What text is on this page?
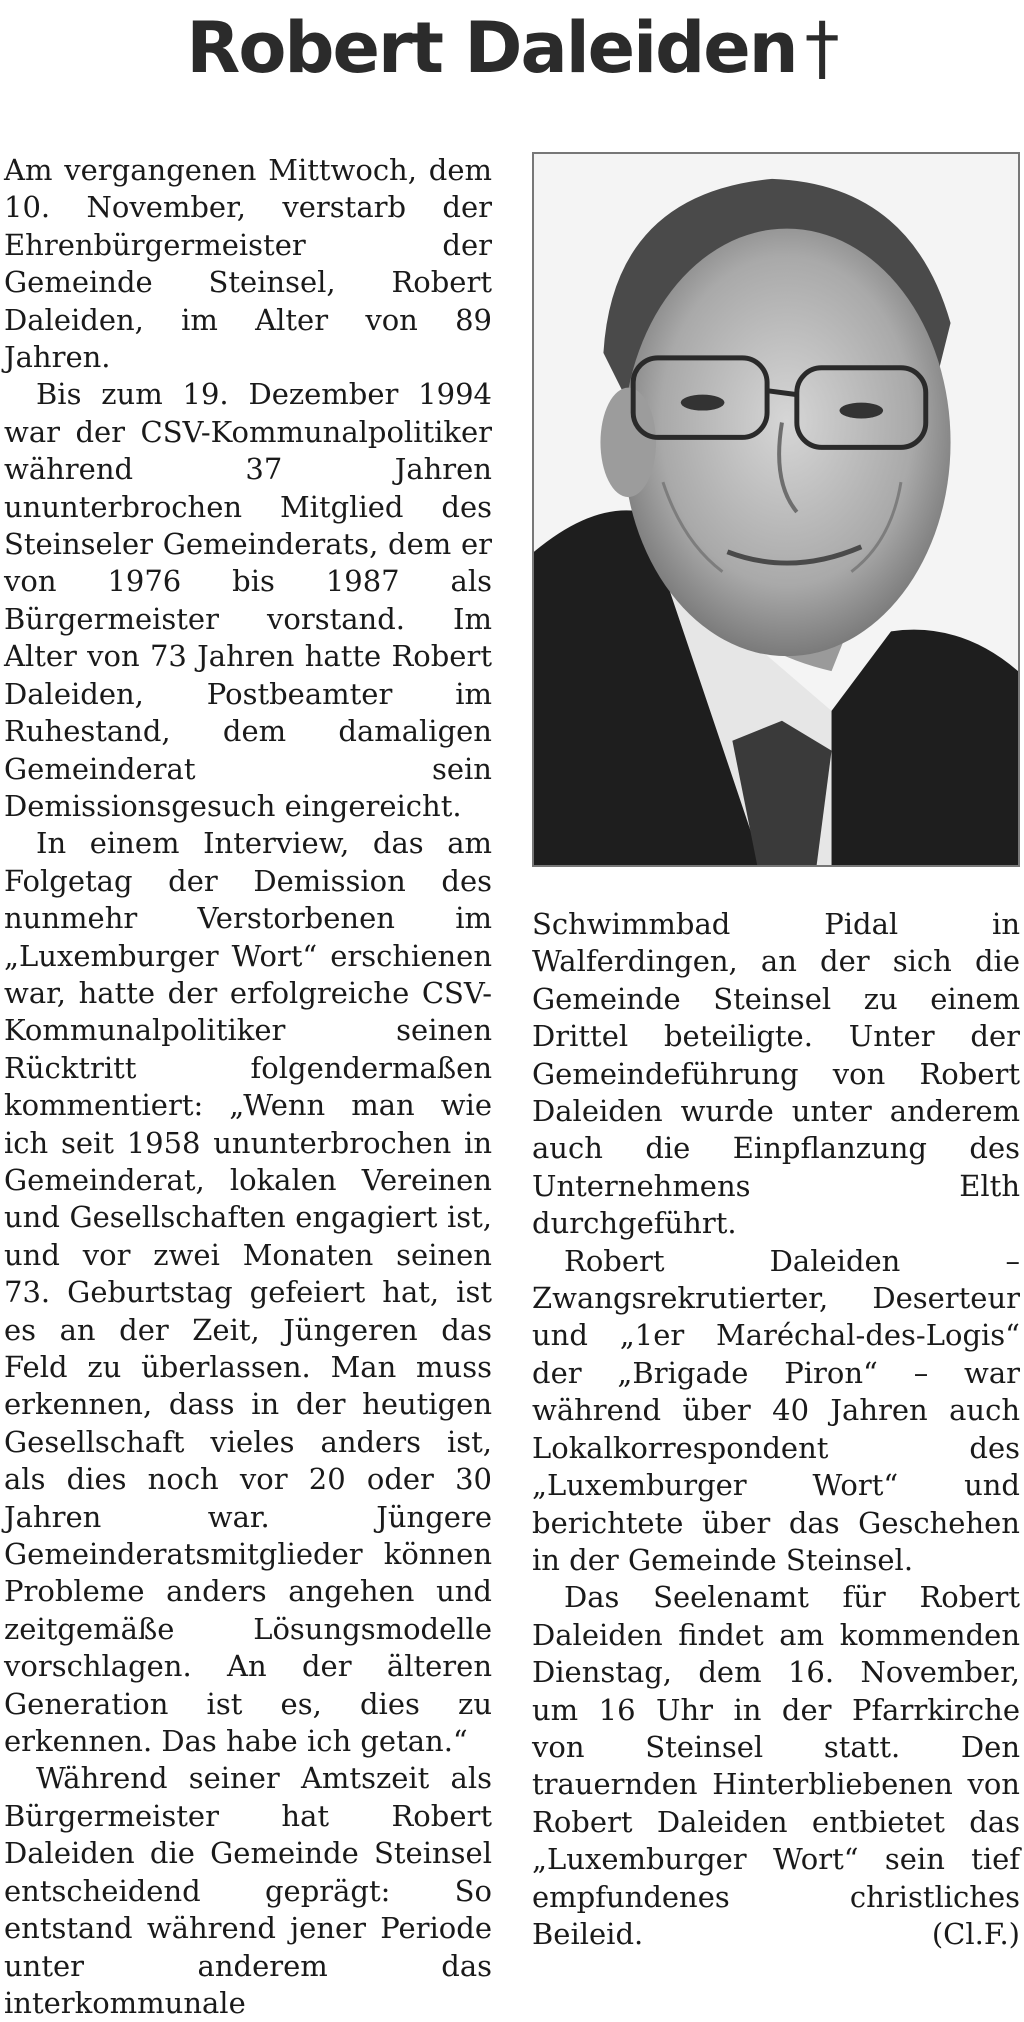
Robert Daleiden †

Am vergangenen Mittwoch, dem 10. November, verstarb der Ehrenbürgermeister der Gemeinde Steinsel, Robert Daleiden, im Alter von 89 Jahren.

Bis zum 19. Dezember 1994 war der CSV-Kommunalpolitiker während 37 Jahren ununterbrochen Mitglied des Steinseler Gemeinderats, dem er von 1976 bis 1987 als Bürgermeister vorstand. Im Alter von 73 Jahren hatte Robert Daleiden, Postbeamter im Ruhestand, dem damaligen Gemeinderat sein Demissionsgesuch eingereicht.

In einem Interview, das am Folgetag der Demission des nunmehr Verstorbenen im „Luxemburger Wort“ erschienen war, hatte der erfolgreiche CSV-Kommunalpolitiker seinen Rücktritt folgendermaßen kommentiert: „Wenn man wie ich seit 1958 ununterbrochen in Gemeinderat, lokalen Vereinen und Gesellschaften engagiert ist, und vor zwei Monaten seinen 73. Geburtstag gefeiert hat, ist es an der Zeit, Jüngeren das Feld zu überlassen. Man muss erkennen, dass in der heutigen Gesellschaft vieles anders ist, als dies noch vor 20 oder 30 Jahren war. Jüngere Gemeinderatsmitglieder können Probleme anders angehen und zeitgemäße Lösungsmodelle vorschlagen. An der älteren Generation ist es, dies zu erkennen. Das habe ich getan.“

Während seiner Amtszeit als Bürgermeister hat Robert Daleiden die Gemeinde Steinsel entscheidend geprägt: So entstand während jener Periode unter anderem das interkommunale

Schwimmbad Pidal in Walferdingen, an der sich die Gemeinde Steinsel zu einem Drittel beteiligte. Unter der Gemeindeführung von Robert Daleiden wurde unter anderem auch die Einpflanzung des Unternehmens Elth durchgeführt.

Robert Daleiden – Zwangsrekrutierter, Deserteur und „1er Maréchal-des-Logis“ der „Brigade Piron“ – war während über 40 Jahren auch Lokalkorrespondent des „Luxemburger Wort“ und berichtete über das Geschehen in der Gemeinde Steinsel.

Das Seelenamt für Robert Daleiden findet am kommenden Dienstag, dem 16. November, um 16 Uhr in der Pfarrkirche von Steinsel statt. Den trauernden Hinterbliebenen von Robert Daleiden entbietet das „Luxemburger Wort“ sein tief empfundenes christliches Beileid.	(Cl.F.)
